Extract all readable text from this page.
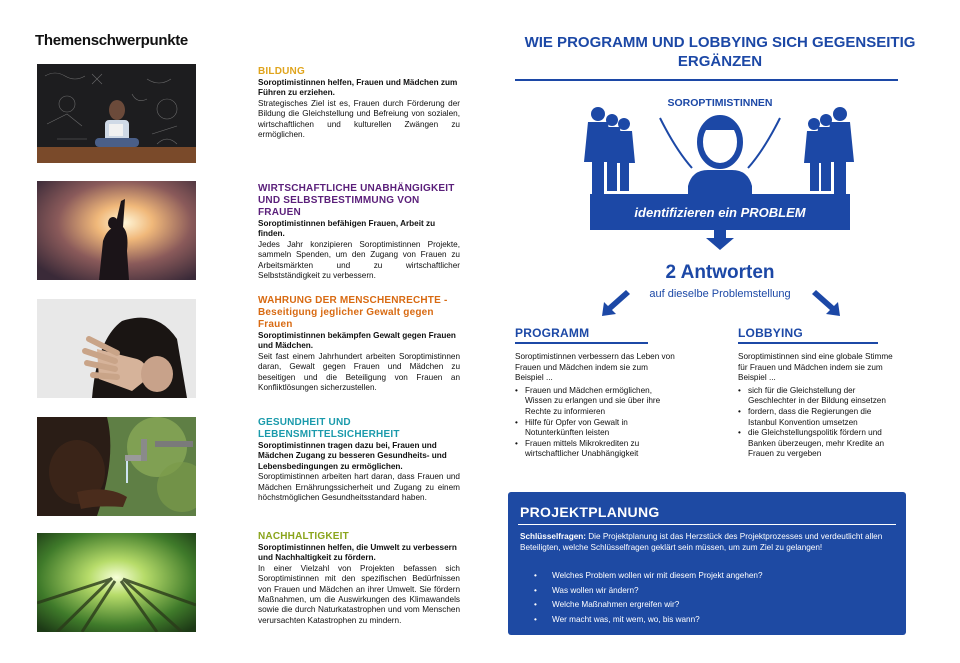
Themenschwerpunkte
BILDUNG
Soroptimistinnen helfen, Frauen und Mädchen zum Führen zu erziehen.
Strategisches Ziel ist es, Frauen durch Förderung der Bildung die Gleichstellung und Befreiung von sozialen, wirtschaftlichen und kulturellen Zwängen zu ermöglichen.
WIRTSCHAFTLICHE UNABHÄNGIGKEIT UND SELBSTBESTIMMUNG VON FRAUEN
Soroptimistinnen befähigen Frauen, Arbeit zu finden.
Jedes Jahr konzipieren Soroptimistinnen Projekte, sammeln Spenden, um den Zugang von Frauen zu Arbeitsmärkten und zu wirtschaftlicher Selbstständigkeit zu verbessern.
WAHRUNG DER MENSCHENRECHTE - Beseitigung jeglicher Gewalt gegen Frauen
Soroptimistinnen bekämpfen Gewalt gegen Frauen und Mädchen.
Seit fast einem Jahrhundert arbeiten Soroptimistinnen daran, Gewalt gegen Frauen und Mädchen zu beseitigen und die Beteiligung von Frauen an Konfliktlösungen sicherzustellen.
GESUNDHEIT UND LEBENSMITTELSICHERHEIT
Soroptimistinnen tragen dazu bei, Frauen und Mädchen Zugang zu besseren Gesundheits- und Lebensbedingungen zu ermöglichen.
Soroptimistinnen arbeiten hart daran, dass Frauen und Mädchen Ernährungssicherheit und Zugang zu einem höchstmöglichen Gesundheitsstandard haben.
NACHHALTIGKEIT
Soroptimistinnen helfen, die Umwelt zu verbessern und Nachhaltigkeit zu fördern.
In einer Vielzahl von Projekten befassen sich Soroptimistinnen mit den spezifischen Bedürfnissen von Frauen und Mädchen an ihrer Umwelt. Sie fördern Maßnahmen, um die Auswirkungen des Klimawandels sowie die durch Naturkatastrophen und vom Menschen verursachten Katastrophen zu mindern.
WIE PROGRAMM UND LOBBYING SICH GEGENSEITIG ERGÄNZEN
SOROPTIMISTINNEN
identifizieren ein PROBLEM
2 Antworten
auf dieselbe Problemstellung
PROGRAMM
Soroptimistinnen verbessern das Leben von Frauen und Mädchen indem sie zum Beispiel ...
• Frauen und Mädchen ermöglichen, Wissen zu erlangen und sie über ihre Rechte zu informieren
• Hilfe für Opfer von Gewalt in Notunterkünften leisten
• Frauen mittels Mikrokrediten zu wirtschaftlicher Unabhängigkeit
LOBBYING
Soroptimistinnen sind eine globale Stimme für Frauen und Mädchen indem sie zum Beispiel ...
• sich für die Gleichstellung der Geschlechter in der Bildung einsetzen
• fordern, dass die Regierungen die Istanbul Konvention umsetzen
• die Gleichstellungspolitik fördern und Banken überzeugen, mehr Kredite an Frauen zu vergeben
PROJEKTPLANUNG
Schlüsselfragen: Die Projektplanung ist das Herzstück des Projektprozesses und verdeutlicht allen Beteiligten, welche Schlüsselfragen geklärt sein müssen, um zum Ziel zu gelangen!
• Welches Problem wollen wir mit diesem Projekt angehen?
• Was wollen wir ändern?
• Welche Maßnahmen ergreifen wir?
• Wer macht was, mit wem, wo, bis wann?
